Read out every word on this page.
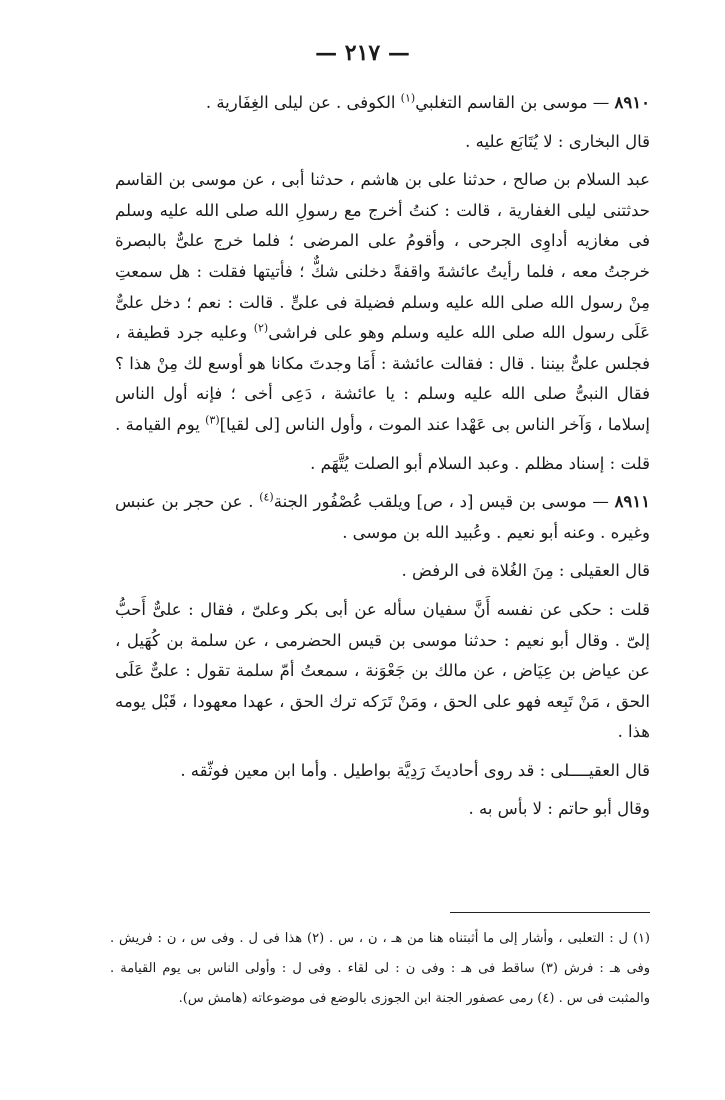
— ٢١٧ —

٨٩١٠ — موسى بن القاسم التغلبي$^{(١)}$ الكوفى . عن ليلى الغِفَارية .

قال البخارى : لا يُتَابَع عليه .

عبد السلام بن صالح ، حدثنا على بن هاشم ، حدثنا أبى ، عن موسى بن القاسم حدثتنى ليلى الغفارية ، قالت : كنتُ أخرج مع رسولِ الله صلى الله عليه وسلم فى مغازيه أداوِى الجرحى ، وأقومُ على المرضى ؛ فلما خرج علىٌّ بالبصرة خرجتُ معه ، فلما رأيتُ عائشةَ واقفةً دخلنى شكٌّ ؛ فأتيتها فقلت : هل سمعتِ مِنْ رسول الله صلى الله عليه وسلم فضيلة فى علىٍّ . قالت : نعم ؛ دخل علىٌّ عَلَى رسول الله صلى الله عليه وسلم وهو على فراشى$^{(٢)}$ وعليه جرد قطيفة ، فجلس علىٌّ بيننا . قال : فقالت عائشة : أَمَا وجدتَ مكانا هو أوسع لك مِنْ هذا ؟ فقال النبىُّ صلى الله عليه وسلم : يا عائشة ، دَعِى أخى ؛ فإنه أول الناس إسلاما ، وَآخر الناس بى عَهْدا عند الموت ، وأول الناس [لى لقيا]$^{(٣)}$ يوم القيامة .

قلت : إسناد مظلم . وعبد السلام أبو الصلت يُتَّهَم .

٨٩١١ — موسى بن قيس [د ، ص] ويلقب عُصْفُور الجنة$^{(٤)}$ . عن حجر بن عنبس وغيره . وعنه أبو نعيم . وعُبيد الله بن موسى .

قال العقيلى : مِنَ الغُلاة فى الرفض .

قلت : حكى عن نفسه أَنَّ سفيان سأله عن أبى بكر وعلىّ ، فقال : علىٌّ أَحبُّ إلىّ . وقال أبو نعيم : حدثنا موسى بن قيس الحضرمى ، عن سلمة بن كُهَيل ، عن عياض بن عِيَاض ، عن مالك بن جَعْوَنة ، سمعتُ أمّ سلمة تقول : علىٌّ عَلَى الحق ، مَنْ تَبِعه فهو على الحق ، ومَنْ تَرَكه ترك الحق ، عهدا معهودا ، قَبْل يومه هذا .

قال العقيــــلى : قد روى أحاديثَ رَدِيَّة بواطيل . وأما ابن معين فوثّقه .

وقال أبو حاتم : لا بأس به .

(١) ل : التعلبى ، وأشار إلى ما أثبتناه هنا من هـ ، ن ، س . (٢) هذا فى ل . وفى س ، ن : فريش . وفى هـ : فرش (٣) ساقط فى هـ : وفى ن : لى لقاء . وفى ل : وأولى الناس بى يوم القيامة . والمثبت فى س . (٤) رمى عصفور الجنة ابن الجوزى بالوضع فى موضوعاته (هامش س).
